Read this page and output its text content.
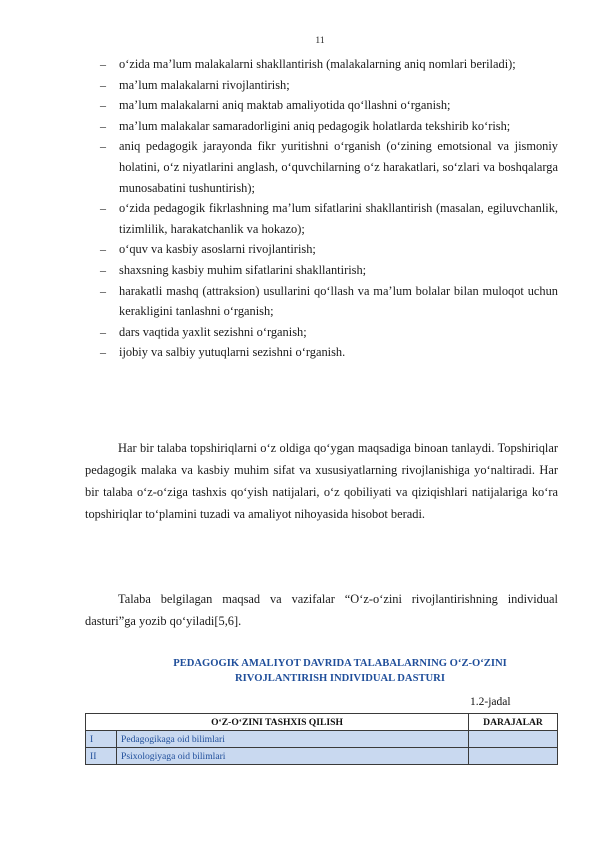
11
– o‘zida ma’lum malakalarni shakllantirish (malakalarning aniq nomlari beriladi);
– ma’lum malakalarni rivojlantirish;
– ma’lum malakalarni aniq maktab amaliyotida qo‘llashni o‘rganish;
– ma’lum malakalar samaradorligini aniq pedagogik holatlarda tekshirib ko‘rish;
– aniq pedagogik jarayonda fikr yuritishni o‘rganish (o‘zining emotsional va jismoniy holatini, o‘z niyatlarini anglash, o‘quvchilarning o‘z harakatlari, so‘zlari va boshqalarga munosabatini tushuntirish);
– o‘zida pedagogik fikrlashning ma’lum sifatlarini shakllantirish (masalan, egiluvchanlik, tizimlilik, harakatchanlik va hokazo);
– o‘quv va kasbiy asoslarni rivojlantirish;
– shaxsning kasbiy muhim sifatlarini shakllantirish;
– harakatli mashq (attraksion) usullarini qo‘llash va ma’lum bolalar bilan muloqot uchun kerakligini tanlashni o‘rganish;
– dars vaqtida yaxlit sezishni o‘rganish;
– ijobiy va salbiy yutuqlarni sezishni o‘rganish.

Har bir talaba topshiriqlarni o‘z oldiga qo‘ygan maqsadiga binoan tanlaydi. Topshiriqlar pedagogik malaka va kasbiy muhim sifat va xususiyatlarning rivojlanishiga yo‘naltiradi. Har bir talaba o‘z-o‘ziga tashxis qo‘yish natijalari, o‘z qobiliyati va qiziqishlari natijalariga ko‘ra topshiriqlar to‘plamini tuzadi va amaliyot nihoyasida hisobot beradi.

Talaba belgilagan maqsad va vazifalar “O‘z-o‘zini rivojlantirishning individual dasturi”ga yozib qo‘yiladi[5,6].

PEDAGOGIK AMALIYOT DAVRIDA TALABALARNING O‘Z-O‘ZINI
RIVOJLANTIRISH INDIVIDUAL DASTURI
1.2-jadal
O‘Z-O‘ZINI TASHXIS QILISH		DARAJALAR
I	Pedagogikaga oid bilimlari	
II	Psixologiyaga oid bilimlari	
